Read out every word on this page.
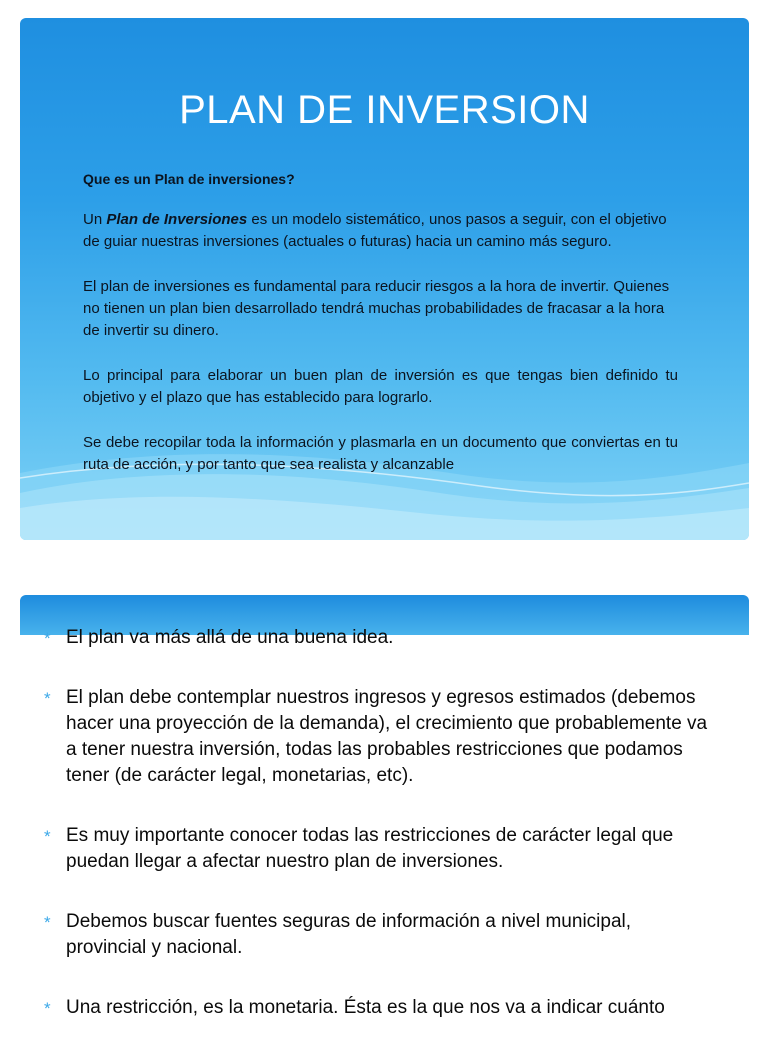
PLAN DE INVERSION

Que es un Plan de inversiones?

Un Plan de Inversiones es un modelo sistemático, unos pasos a seguir, con el objetivo de guiar nuestras inversiones (actuales o futuras) hacia un camino más seguro.

El plan de inversiones es fundamental para reducir riesgos a la hora de invertir. Quienes no tienen un plan bien desarrollado tendrá muchas probabilidades de fracasar a la hora de invertir su dinero.

Lo principal para elaborar un buen plan de inversión es que tengas bien definido tu objetivo y el plazo que has establecido para lograrlo.

Se debe recopilar toda la información y plasmarla en un documento que conviertas en tu ruta de acción, y por tanto que sea realista y alcanzable

* El plan va más allá de una buena idea.
* El plan debe contemplar nuestros ingresos y egresos estimados (debemos hacer una proyección de la demanda), el crecimiento que probablemente va a tener nuestra inversión, todas las probables restricciones que podamos tener (de carácter legal, monetarias, etc).
* Es muy importante conocer todas las restricciones de carácter legal que puedan llegar a afectar nuestro plan de inversiones.
* Debemos buscar fuentes seguras de información a nivel municipal, provincial y nacional.
* Una restricción, es la monetaria. Ésta es la que nos va a indicar cuánto
